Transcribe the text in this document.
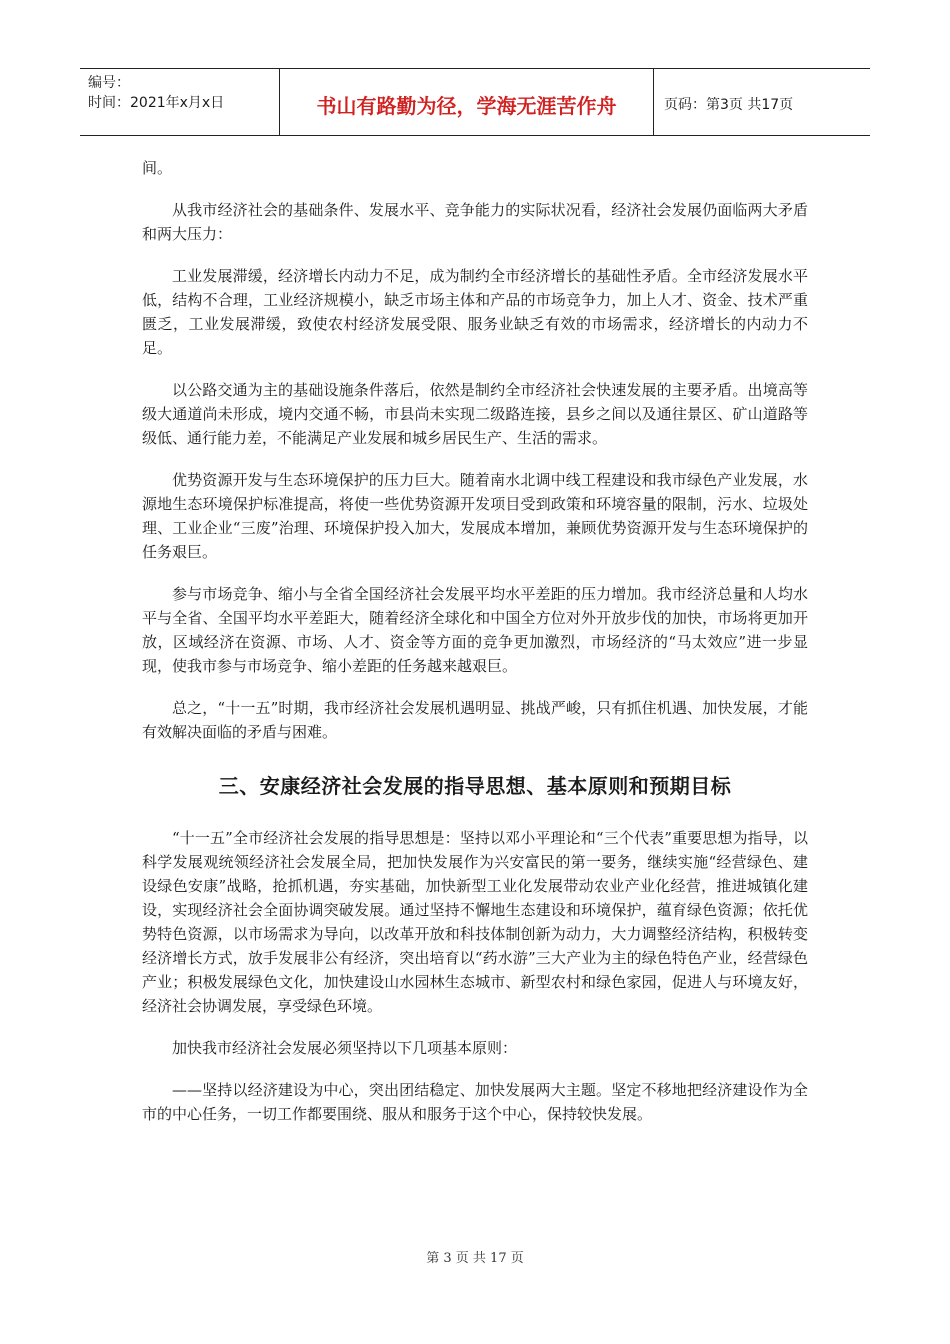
编号：
时间：2021年x月x日	书山有路勤为径，学海无涯苦作舟	页码：第3页 共17页

间。

从我市经济社会的基础条件、发展水平、竞争能力的实际状况看，经济社会发展仍面临两大矛盾和两大压力：

工业发展滞缓，经济增长内动力不足，成为制约全市经济增长的基础性矛盾。全市经济发展水平低，结构不合理，工业经济规模小，缺乏市场主体和产品的市场竞争力，加上人才、资金、技术严重匮乏，工业发展滞缓，致使农村经济发展受限、服务业缺乏有效的市场需求，经济增长的内动力不足。

以公路交通为主的基础设施条件落后，依然是制约全市经济社会快速发展的主要矛盾。出境高等级大通道尚未形成，境内交通不畅，市县尚未实现二级路连接，县乡之间以及通往景区、矿山道路等级低、通行能力差，不能满足产业发展和城乡居民生产、生活的需求。

优势资源开发与生态环境保护的压力巨大。随着南水北调中线工程建设和我市绿色产业发展，水源地生态环境保护标准提高，将使一些优势资源开发项目受到政策和环境容量的限制，污水、垃圾处理、工业企业“三废”治理、环境保护投入加大，发展成本增加，兼顾优势资源开发与生态环境保护的任务艰巨。

参与市场竞争、缩小与全省全国经济社会发展平均水平差距的压力增加。我市经济总量和人均水平与全省、全国平均水平差距大，随着经济全球化和中国全方位对外开放步伐的加快，市场将更加开放，区域经济在资源、市场、人才、资金等方面的竞争更加激烈，市场经济的“马太效应”进一步显现，使我市参与市场竞争、缩小差距的任务越来越艰巨。

总之，“十一五”时期，我市经济社会发展机遇明显、挑战严峻，只有抓住机遇、加快发展，才能有效解决面临的矛盾与困难。

三、安康经济社会发展的指导思想、基本原则和预期目标

“十一五”全市经济社会发展的指导思想是：坚持以邓小平理论和“三个代表”重要思想为指导，以科学发展观统领经济社会发展全局，把加快发展作为兴安富民的第一要务，继续实施“经营绿色、建设绿色安康”战略，抢抓机遇，夯实基础，加快新型工业化发展带动农业产业化经营，推进城镇化建设，实现经济社会全面协调突破发展。通过坚持不懈地生态建设和环境保护，蕴育绿色资源；依托优势特色资源，以市场需求为导向，以改革开放和科技体制创新为动力，大力调整经济结构，积极转变经济增长方式，放手发展非公有经济，突出培育以“药水游”三大产业为主的绿色特色产业，经营绿色产业；积极发展绿色文化，加快建设山水园林生态城市、新型农村和绿色家园，促进人与环境友好，经济社会协调发展，享受绿色环境。

加快我市经济社会发展必须坚持以下几项基本原则：

——坚持以经济建设为中心，突出团结稳定、加快发展两大主题。坚定不移地把经济建设作为全市的中心任务，一切工作都要围绕、服从和服务于这个中心，保持较快发展。

第 3 页 共 17 页
